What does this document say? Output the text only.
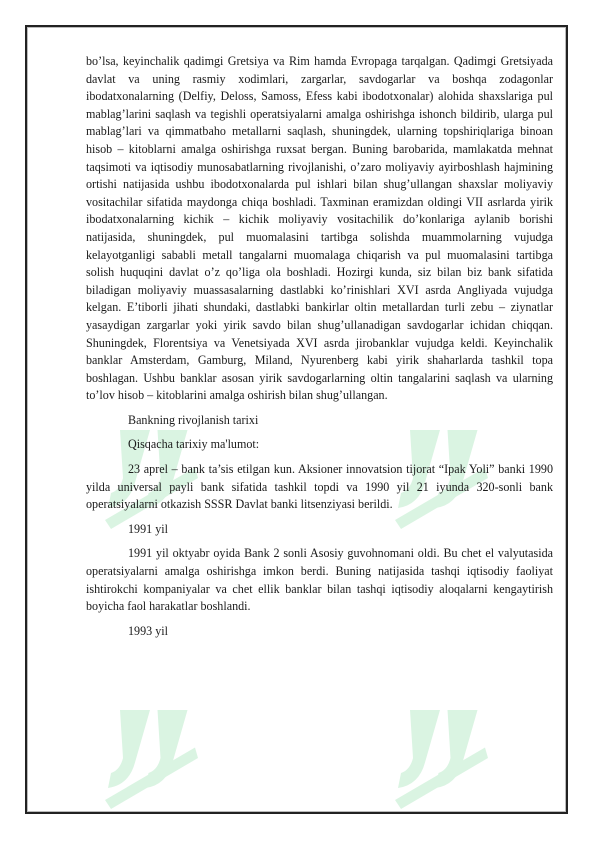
bo’lsa, keyinchalik qadimgi Gretsiya va Rim hamda Evropaga tarqalgan. Qadimgi Gretsiyada davlat va uning rasmiy xodimlari, zargarlar, savdogarlar va boshqa zodagonlar ibodatxonalarning (Delfiy, Deloss, Samoss, Efess kabi ibodotxonalar) alohida shaxslariga pul mablag’larini saqlash va tegishli operatsiyalarni amalga oshirishga ishonch bildirib, ularga pul mablag’lari va qimmatbaho metallarni saqlash, shuningdek, ularning topshiriqlariga binoan hisob – kitoblarni amalga oshirishga ruxsat bergan. Buning barobarida, mamlakatda mehnat taqsimoti va iqtisodiy munosabatlarning rivojlanishi, o’zaro moliyaviy ayirboshlash hajmining ortishi natijasida ushbu ibodotxonalarda pul ishlari bilan shug’ullangan shaxslar moliyaviy vositachilar sifatida maydonga chiqa boshladi. Taxminan eramizdan oldingi VII asrlarda yirik ibodatxonalarning kichik – kichik moliyaviy vositachilik do’konlariga aylanib borishi natijasida, shuningdek, pul muomalasini tartibga solishda muammolarning vujudga kelayotganligi sababli metall tangalarni muomalaga chiqarish va pul muomalasini tartibga solish huquqini davlat o’z qo’liga ola boshladi. Hozirgi kunda, siz bilan biz bank sifatida biladigan moliyaviy muassasalarning dastlabki ko’rinishlari XVI asrda Angliyada vujudga kelgan. E’tiborli jihati shundaki, dastlabki bankirlar oltin metallardan turli zebu – ziynatlar yasaydigan zargarlar yoki yirik savdo bilan shug’ullanadigan savdogarlar ichidan chiqqan. Shuningdek, Florentsiya va Venetsiyada XVI asrda jirobanklar vujudga keldi. Keyinchalik banklar Amsterdam, Gamburg, Miland, Nyurenberg kabi yirik shaharlarda tashkil topa boshlagan. Ushbu banklar asosan yirik savdogarlarning oltin tangalarini saqlash va ularning to’lov hisob – kitoblarini amalga oshirish bilan shug’ullangan.

Bankning rivojlanish tarixi

Qisqacha tarixiy ma'lumot:

23 aprel – bank ta’sis etilgan kun. Aksioner innovatsion tijorat “Ipak Yoli” banki 1990 yilda universal payli bank sifatida tashkil topdi va 1990 yil 21 iyunda 320-sonli bank operatsiyalarni otkazish SSSR Davlat banki litsenziyasi berildi.

1991 yil

1991 yil oktyabr oyida Bank 2 sonli Asosiy guvohnomani oldi. Bu chet el valyutasida operatsiyalarni amalga oshirishga imkon berdi. Buning natijasida tashqi iqtisodiy faoliyat ishtirokchi kompaniyalar va chet ellik banklar bilan tashqi iqtisodiy aloqalarni kengaytirish boyicha faol harakatlar boshlandi.

1993 yil
